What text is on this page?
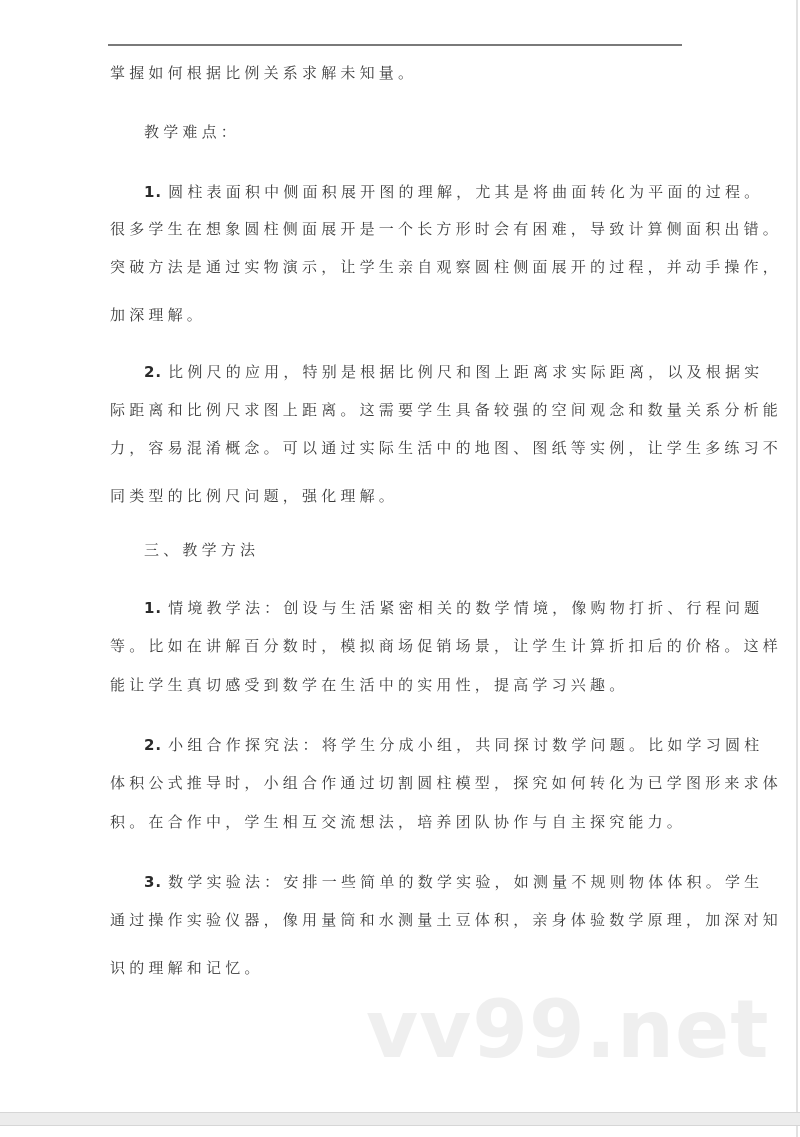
掌握如何根据比例关系求解未知量。
教学难点：
1. 圆柱表面积中侧面积展开图的理解，尤其是将曲面转化为平面的过程。
很多学生在想象圆柱侧面展开是一个长方形时会有困难，导致计算侧面积出错。
突破方法是通过实物演示，让学生亲自观察圆柱侧面展开的过程，并动手操作，
加深理解。
2. 比例尺的应用，特别是根据比例尺和图上距离求实际距离，以及根据实
际距离和比例尺求图上距离。这需要学生具备较强的空间观念和数量关系分析能
力，容易混淆概念。可以通过实际生活中的地图、图纸等实例，让学生多练习不
同类型的比例尺问题，强化理解。
三、教学方法
1. 情境教学法：创设与生活紧密相关的数学情境，像购物打折、行程问题
等。比如在讲解百分数时，模拟商场促销场景，让学生计算折扣后的价格。这样
能让学生真切感受到数学在生活中的实用性，提高学习兴趣。
2. 小组合作探究法：将学生分成小组，共同探讨数学问题。比如学习圆柱
体积公式推导时，小组合作通过切割圆柱模型，探究如何转化为已学图形来求体
积。在合作中，学生相互交流想法，培养团队协作与自主探究能力。
3. 数学实验法：安排一些简单的数学实验，如测量不规则物体体积。学生
通过操作实验仪器，像用量筒和水测量土豆体积，亲身体验数学原理，加深对知
识的理解和记忆。
vv99.net
